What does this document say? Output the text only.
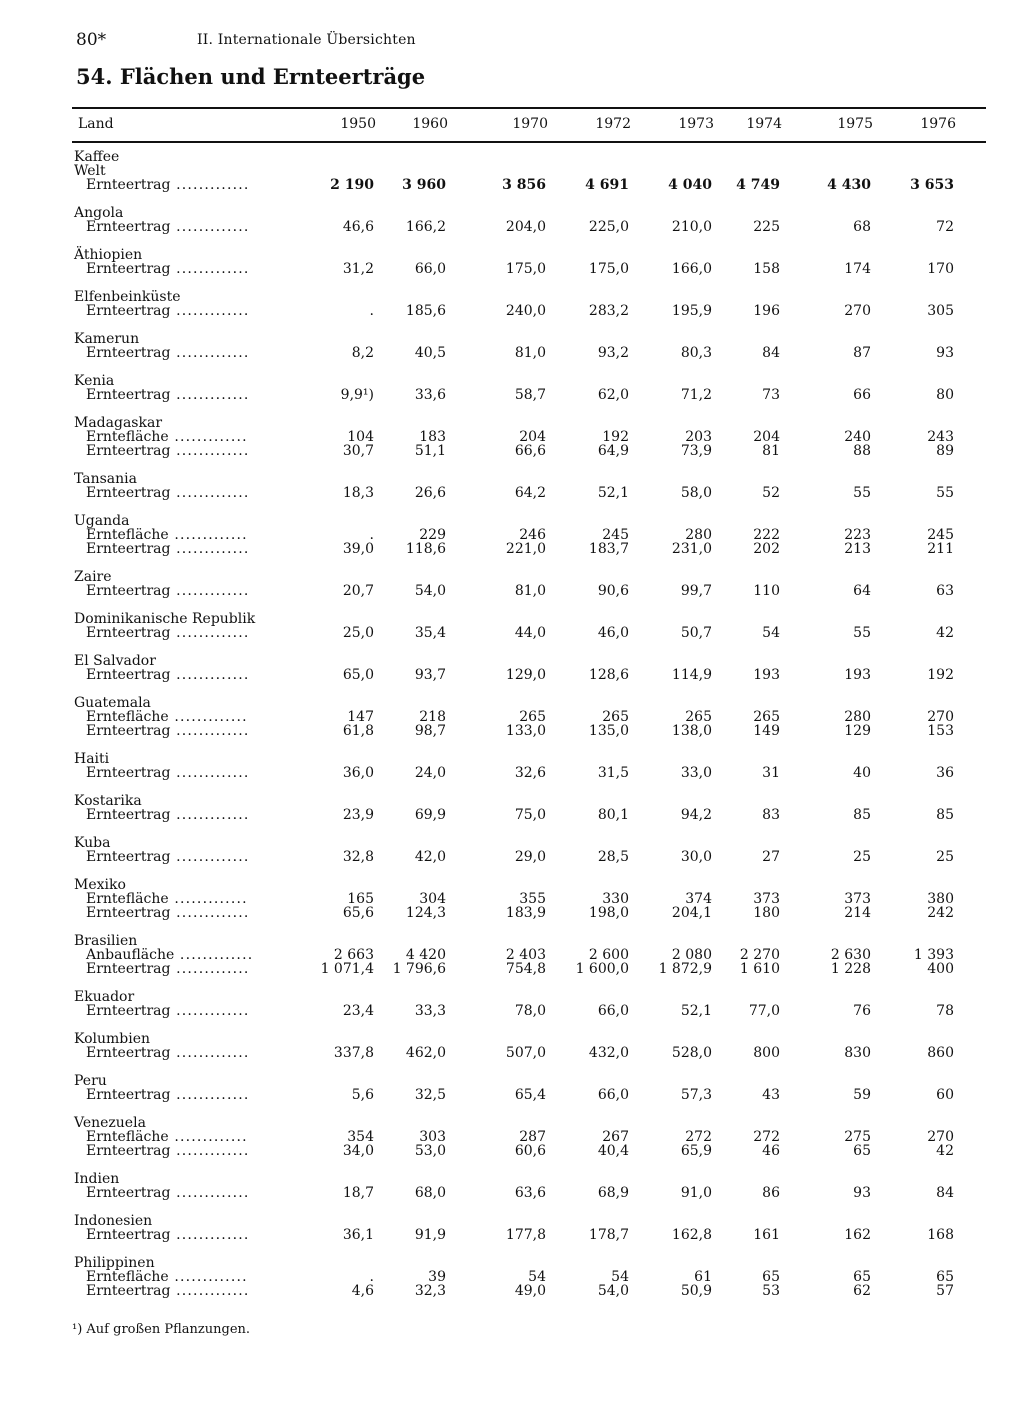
80*	II. Internationale Übersichten
54. Flächen und Ernteerträge
Land	1950	1960	1970	1972	1973	1974	1975	1976
Kaffee
Welt
Ernteertrag .............	2 190	3 960	3 856	4 691	4 040	4 749	4 430	3 653
Angola
Ernteertrag .............	46,6	166,2	204,0	225,0	210,0	225	68	72
Äthiopien
Ernteertrag .............	31,2	66,0	175,0	175,0	166,0	158	174	170
Elfenbeinküste
Ernteertrag .............	.	185,6	240,0	283,2	195,9	196	270	305
Kamerun
Ernteertrag .............	8,2	40,5	81,0	93,2	80,3	84	87	93
Kenia
Ernteertrag .............	9,9¹)	33,6	58,7	62,0	71,2	73	66	80
Madagaskar
Erntefläche .............	104	183	204	192	203	204	240	243
Ernteertrag .............	30,7	51,1	66,6	64,9	73,9	81	88	89
Tansania
Ernteertrag .............	18,3	26,6	64,2	52,1	58,0	52	55	55
Uganda
Erntefläche .............	.	229	246	245	280	222	223	245
Ernteertrag .............	39,0	118,6	221,0	183,7	231,0	202	213	211
Zaire
Ernteertrag .............	20,7	54,0	81,0	90,6	99,7	110	64	63
Dominikanische Republik
Ernteertrag .............	25,0	35,4	44,0	46,0	50,7	54	55	42
El Salvador
Ernteertrag .............	65,0	93,7	129,0	128,6	114,9	193	193	192
Guatemala
Erntefläche .............	147	218	265	265	265	265	280	270
Ernteertrag .............	61,8	98,7	133,0	135,0	138,0	149	129	153
Haiti
Ernteertrag .............	36,0	24,0	32,6	31,5	33,0	31	40	36
Kostarika
Ernteertrag .............	23,9	69,9	75,0	80,1	94,2	83	85	85
Kuba
Ernteertrag .............	32,8	42,0	29,0	28,5	30,0	27	25	25
Mexiko
Erntefläche .............	165	304	355	330	374	373	373	380
Ernteertrag .............	65,6	124,3	183,9	198,0	204,1	180	214	242
Brasilien
Anbaufläche .............	2 663	4 420	2 403	2 600	2 080	2 270	2 630	1 393
Ernteertrag .............	1 071,4	1 796,6	754,8	1 600,0	1 872,9	1 610	1 228	400
Ekuador
Ernteertrag .............	23,4	33,3	78,0	66,0	52,1	77,0	76	78
Kolumbien
Ernteertrag .............	337,8	462,0	507,0	432,0	528,0	800	830	860
Peru
Ernteertrag .............	5,6	32,5	65,4	66,0	57,3	43	59	60
Venezuela
Erntefläche .............	354	303	287	267	272	272	275	270
Ernteertrag .............	34,0	53,0	60,6	40,4	65,9	46	65	42
Indien
Ernteertrag .............	18,7	68,0	63,6	68,9	91,0	86	93	84
Indonesien
Ernteertrag .............	36,1	91,9	177,8	178,7	162,8	161	162	168
Philippinen
Erntefläche .............	.	39	54	54	61	65	65	65
Ernteertrag .............	4,6	32,3	49,0	54,0	50,9	53	62	57
¹) Auf großen Pflanzungen.
